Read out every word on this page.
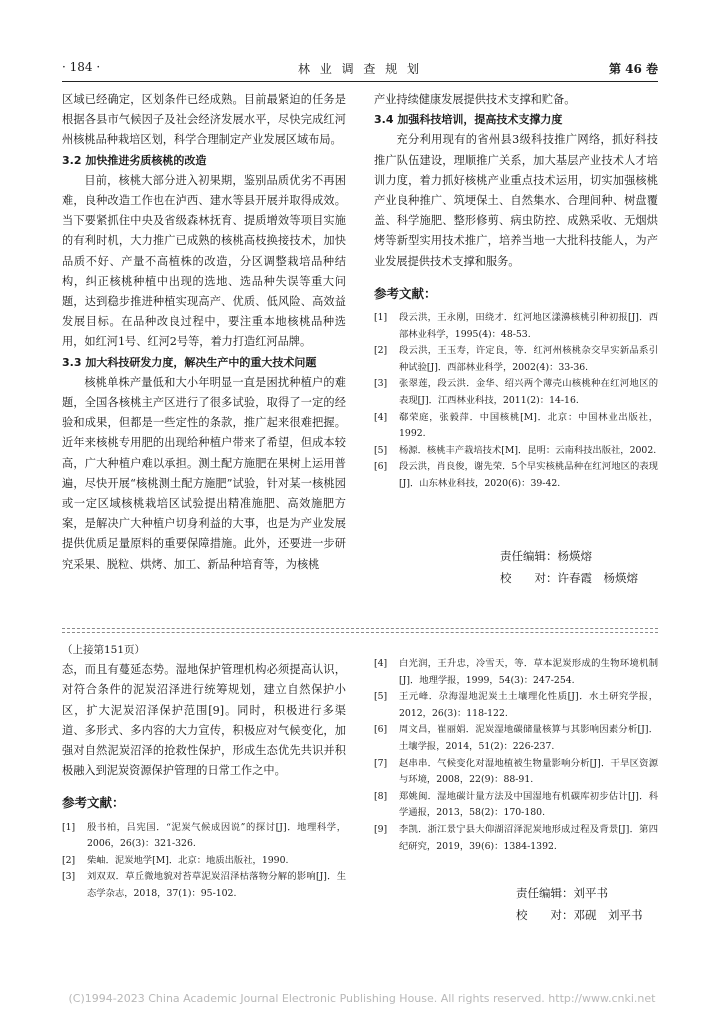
· 184 ·	林 业 调 查 规 划	第 46 卷

区域已经确定，区划条件已经成熟。目前最紧迫的任务是根据各县市气候因子及社会经济发展水平，尽快完成红河州核桃品种栽培区划，科学合理制定产业发展区域布局。

3.2 加快推进劣质核桃的改造

目前，核桃大部分进入初果期，鉴别品质优劣不再困难，良种改造工作也在泸西、建水等县开展并取得成效。当下要紧抓住中央及省级森林抚育、提质增效等项目实施的有利时机，大力推广已成熟的核桃高枝换接技术，加快品质不好、产量不高植株的改造，分区调整栽培品种结构，纠正核桃种植中出现的选地、选品种失误等重大问题，达到稳步推进种植实现高产、优质、低风险、高效益发展目标。在品种改良过程中，要注重本地核桃品种选用，如红河1号、红河2号等，着力打造红河品牌。

3.3 加大科技研发力度，解决生产中的重大技术问题

核桃单株产量低和大小年明显一直是困扰种植户的难题，全国各核桃主产区进行了很多试验，取得了一定的经验和成果，但都是一些定性的条款，推广起来很难把握。近年来核桃专用肥的出现给种植户带来了希望，但成本较高，广大种植户难以承担。测土配方施肥在果树上运用普遍，尽快开展“核桃测土配方施肥”试验，针对某一核桃园或一定区域核桃栽培区试验提出精准施肥、高效施肥方案，是解决广大种植户切身利益的大事，也是为产业发展提供优质足量原料的重要保障措施。此外，还要进一步研究采果、脱粒、烘烤、加工、新品种培育等，为核桃

产业持续健康发展提供技术支撑和贮备。

3.4 加强科技培训，提高技术支撑力度

充分利用现有的省州县3级科技推广网络，抓好科技推广队伍建设，理顺推广关系，加大基层产业技术人才培训力度，着力抓好核桃产业重点技术运用，切实加强核桃产业良种推广、筑埂保土、自然集水、合理间种、树盘覆盖、科学施肥、整形修剪、病虫防控、成熟采收、无烟烘烤等新型实用技术推广，培养当地一大批科技能人，为产业发展提供技术支撑和服务。

参考文献：

[1]	段云洪，王永刚，田绕才．红河地区漾濞核桃引种初报[J]．西部林业科学，1995(4)：48-53.
[2]	段云洪，王玉寿，许定良，等．红河州核桃杂交早实新品系引种试验[J]．西部林业科学，2002(4)：33-36.
[3]	张翠莲，段云洪．金华、绍兴两个薄壳山核桃种在红河地区的表现[J]．江西林业科技，2011(2)：14-16.
[4]	郗荣庭，张毅萍．中国核桃[M]．北京：中国林业出版社，1992.
[5]	杨源．核桃丰产栽培技术[M]．昆明：云南科技出版社，2002.
[6]	段云洪，肖良俊，谢先荣．5个早实核桃品种在红河地区的表现[J]．山东林业科技，2020(6)：39-42.
责任编辑：杨煐熔
校　　对：许春霞　杨煐熔

（上接第151页）

态，而且有蔓延态势。湿地保护管理机构必须提高认识，对符合条件的泥炭沼泽进行统筹规划，建立自然保护小区，扩大泥炭沼泽保护范围[9]。同时，积极进行多渠道、多形式、多内容的大力宣传，积极应对气候变化，加强对自然泥炭沼泽的抢救性保护，形成生态优先共识并积极融入到泥炭资源保护管理的日常工作之中。

参考文献：

[1]	殷书柏，吕宪国．“泥炭气候成因说”的探讨[J]．地理科学，2006，26(3)：321-326.
[2]	柴岫．泥炭地学[M]．北京：地质出版社，1990.
[3]	刘双双．草丘微地貌对苔草泥炭沼泽枯落物分解的影响[J]．生态学杂志，2018，37(1)：95-102.
[4]	白光润，王升忠，冷雪天，等．草本泥炭形成的生物环境机制[J]．地理学报，1999，54(3)：247-254.
[5]	王元峰．尕海湿地泥炭土土壤理化性质[J]．水土研究学报，2012，26(3)：118-122.
[6]	周文昌，崔丽娟．泥炭湿地碳储量核算与其影响因素分析[J]．土壤学报，2014，51(2)：226-237.
[7]	赵串串．气候变化对湿地植被生物量影响分析[J]．干旱区资源与环境，2008，22(9)：88-91.
[8]	郑姚闽．湿地碳计量方法及中国湿地有机碳库初步估计[J]．科学通报，2013，58(2)：170-180.
[9]	李凯．浙江景宁县大仰湖沼泽泥炭地形成过程及背景[J]．第四纪研究，2019，39(6)：1384-1392.
责任编辑：刘平书
校　　对：邓砚　刘平书
(C)1994-2023 China Academic Journal Electronic Publishing House. All rights reserved. http://www.cnki.net
